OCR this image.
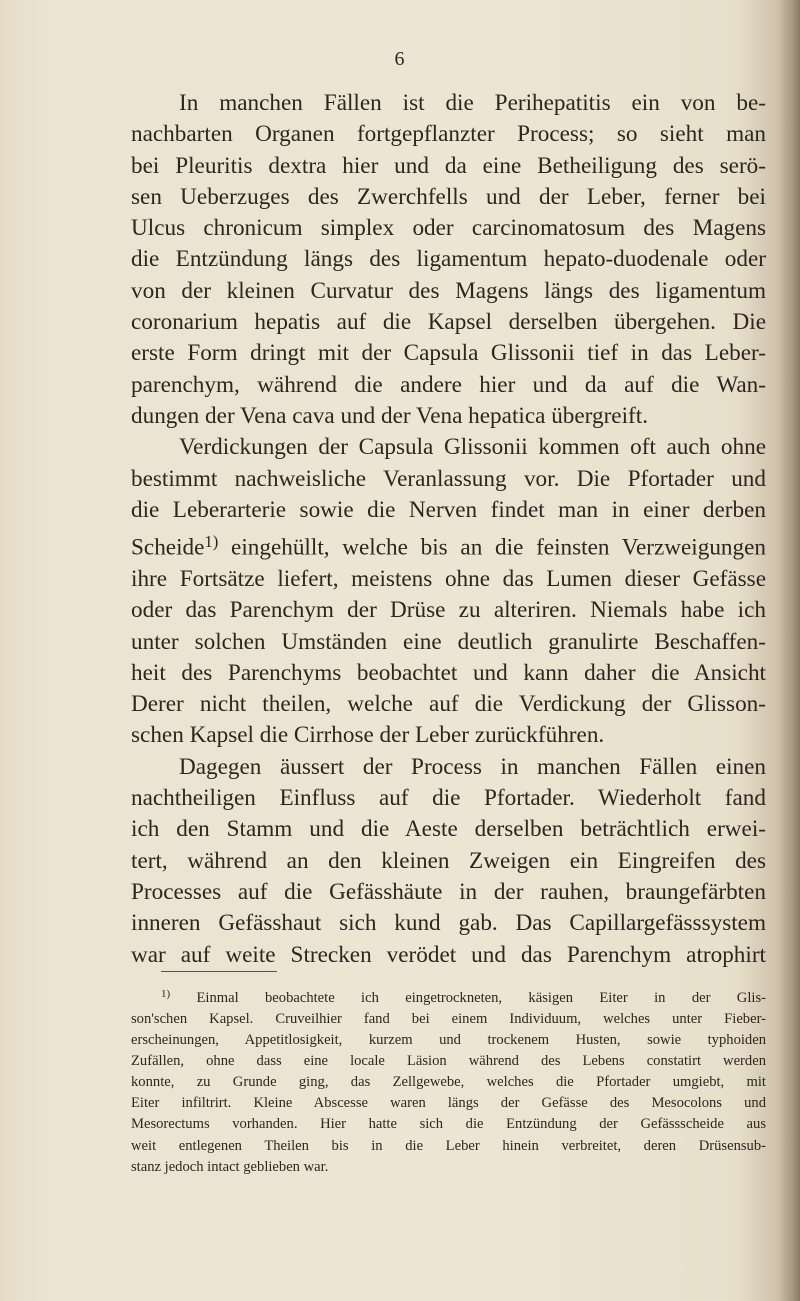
6
In manchen Fällen ist die Perihepatitis ein von be-
nachbarten Organen fortgepflanzter Process; so sieht man
bei Pleuritis dextra hier und da eine Betheiligung des serö-
sen Ueberzuges des Zwerchfells und der Leber, ferner bei
Ulcus chronicum simplex oder carcinomatosum des Magens
die Entzündung längs des ligamentum hepato-duodenale oder
von der kleinen Curvatur des Magens längs des ligamentum
coronarium hepatis auf die Kapsel derselben übergehen. Die
erste Form dringt mit der Capsula Glissonii tief in das Leber-
parenchym, während die andere hier und da auf die Wan-
dungen der Vena cava und der Vena hepatica übergreift.
Verdickungen der Capsula Glissonii kommen oft auch ohne
bestimmt nachweisliche Veranlassung vor. Die Pfortader und
die Leberarterie sowie die Nerven findet man in einer derben
Scheide$^{1)}$ eingehüllt, welche bis an die feinsten Verzweigungen
ihre Fortsätze liefert, meistens ohne das Lumen dieser Gefässe
oder das Parenchym der Drüse zu alteriren. Niemals habe ich
unter solchen Umständen eine deutlich granulirte Beschaffen-
heit des Parenchyms beobachtet und kann daher die Ansicht
Derer nicht theilen, welche auf die Verdickung der Glisson-
schen Kapsel die Cirrhose der Leber zurückführen.
Dagegen äussert der Process in manchen Fällen einen
nachtheiligen Einfluss auf die Pfortader. Wiederholt fand
ich den Stamm und die Aeste derselben beträchtlich erwei-
tert, während an den kleinen Zweigen ein Eingreifen des
Processes auf die Gefässhäute in der rauhen, braungefärbten
inneren Gefässhaut sich kund gab. Das Capillargefässsystem
war auf weite Strecken verödet und das Parenchym atrophirt
$^{1)}$ Einmal beobachtete ich eingetrockneten, käsigen Eiter in der Glis-
son'schen Kapsel. Cruveilhier fand bei einem Individuum, welches unter Fieber-
erscheinungen, Appetitlosigkeit, kurzem und trockenem Husten, sowie typhoiden
Zufällen, ohne dass eine locale Läsion während des Lebens constatirt werden
konnte, zu Grunde ging, das Zellgewebe, welches die Pfortader umgiebt, mit
Eiter infiltrirt. Kleine Abscesse waren längs der Gefässe des Mesocolons und
Mesorectums vorhanden. Hier hatte sich die Entzündung der Gefässscheide aus
weit entlegenen Theilen bis in die Leber hinein verbreitet, deren Drüsensub-
stanz jedoch intact geblieben war.
